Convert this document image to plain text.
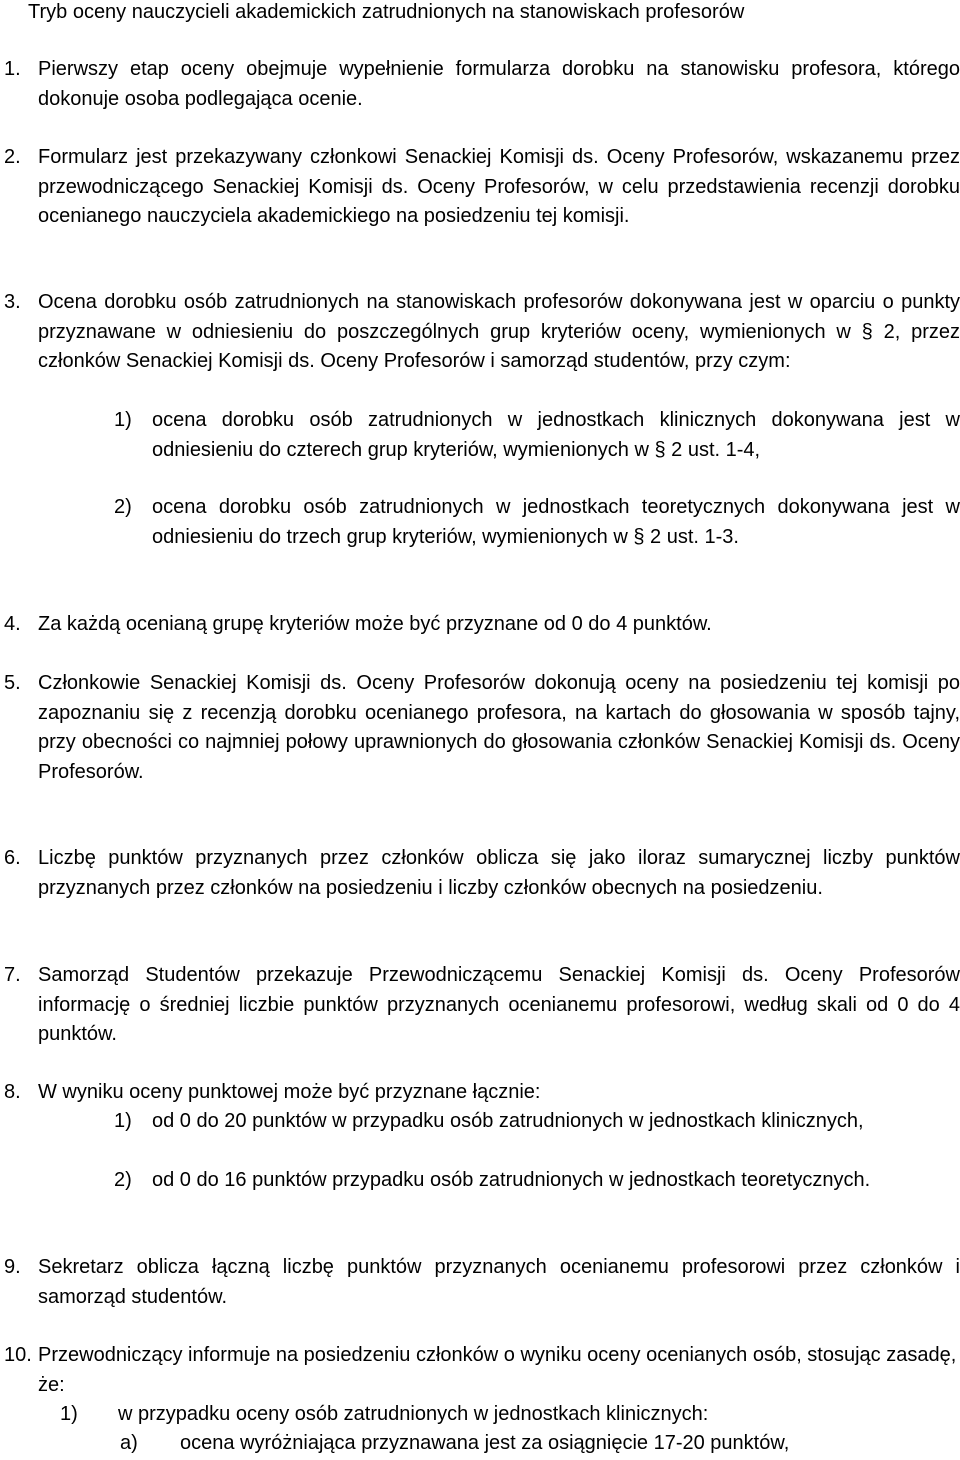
Tryb oceny nauczycieli akademickich zatrudnionych na stanowiskach profesorów
1. Pierwszy etap oceny obejmuje wypełnienie formularza dorobku na stanowisku profesora, którego dokonuje osoba podlegająca ocenie.
2. Formularz jest przekazywany członkowi Senackiej Komisji ds. Oceny Profesorów, wskazanemu przez przewodniczącego Senackiej Komisji ds. Oceny Profesorów, w celu przedstawienia recenzji dorobku ocenianego nauczyciela akademickiego na posiedzeniu tej komisji.
3. Ocena dorobku osób zatrudnionych na stanowiskach profesorów dokonywana jest w oparciu o punkty przyznawane w odniesieniu do poszczególnych grup kryteriów oceny, wymienionych w § 2, przez członków Senackiej Komisji ds. Oceny Profesorów i samorząd studentów, przy czym:
1) ocena dorobku osób zatrudnionych w jednostkach klinicznych dokonywana jest w odniesieniu do czterech grup kryteriów, wymienionych w § 2 ust. 1-4,
2) ocena dorobku osób zatrudnionych w jednostkach teoretycznych dokonywana jest w odniesieniu do trzech grup kryteriów, wymienionych w § 2 ust. 1-3.
4. Za każdą ocenianą grupę kryteriów może być przyznane od 0 do 4 punktów.
5. Członkowie Senackiej Komisji ds. Oceny Profesorów dokonują oceny na posiedzeniu tej komisji po zapoznaniu się z recenzją dorobku ocenianego profesora, na kartach do głosowania w sposób tajny, przy obecności co najmniej połowy uprawnionych do głosowania członków Senackiej Komisji ds. Oceny Profesorów.
6. Liczbę punktów przyznanych przez członków oblicza się jako iloraz sumarycznej liczby punktów przyznanych przez członków na posiedzeniu i liczby członków obecnych na posiedzeniu.
7. Samorząd Studentów przekazuje Przewodniczącemu Senackiej Komisji ds. Oceny Profesorów informację o średniej liczbie punktów przyznanych ocenianemu profesorowi, według skali od 0 do 4 punktów.
8. W wyniku oceny punktowej może być przyznane łącznie:
1) od 0 do 20 punktów w przypadku osób zatrudnionych w jednostkach klinicznych,
2) od 0 do 16 punktów przypadku osób zatrudnionych w jednostkach teoretycznych.
9. Sekretarz oblicza łączną liczbę punktów przyznanych ocenianemu profesorowi przez członków i samorząd studentów.
10. Przewodniczący informuje na posiedzeniu członków o wyniku oceny ocenianych osób, stosując zasadę, że:
1) w przypadku oceny osób zatrudnionych w jednostkach klinicznych:
a) ocena wyróżniająca przyznawana jest za osiągnięcie 17-20 punktów,
